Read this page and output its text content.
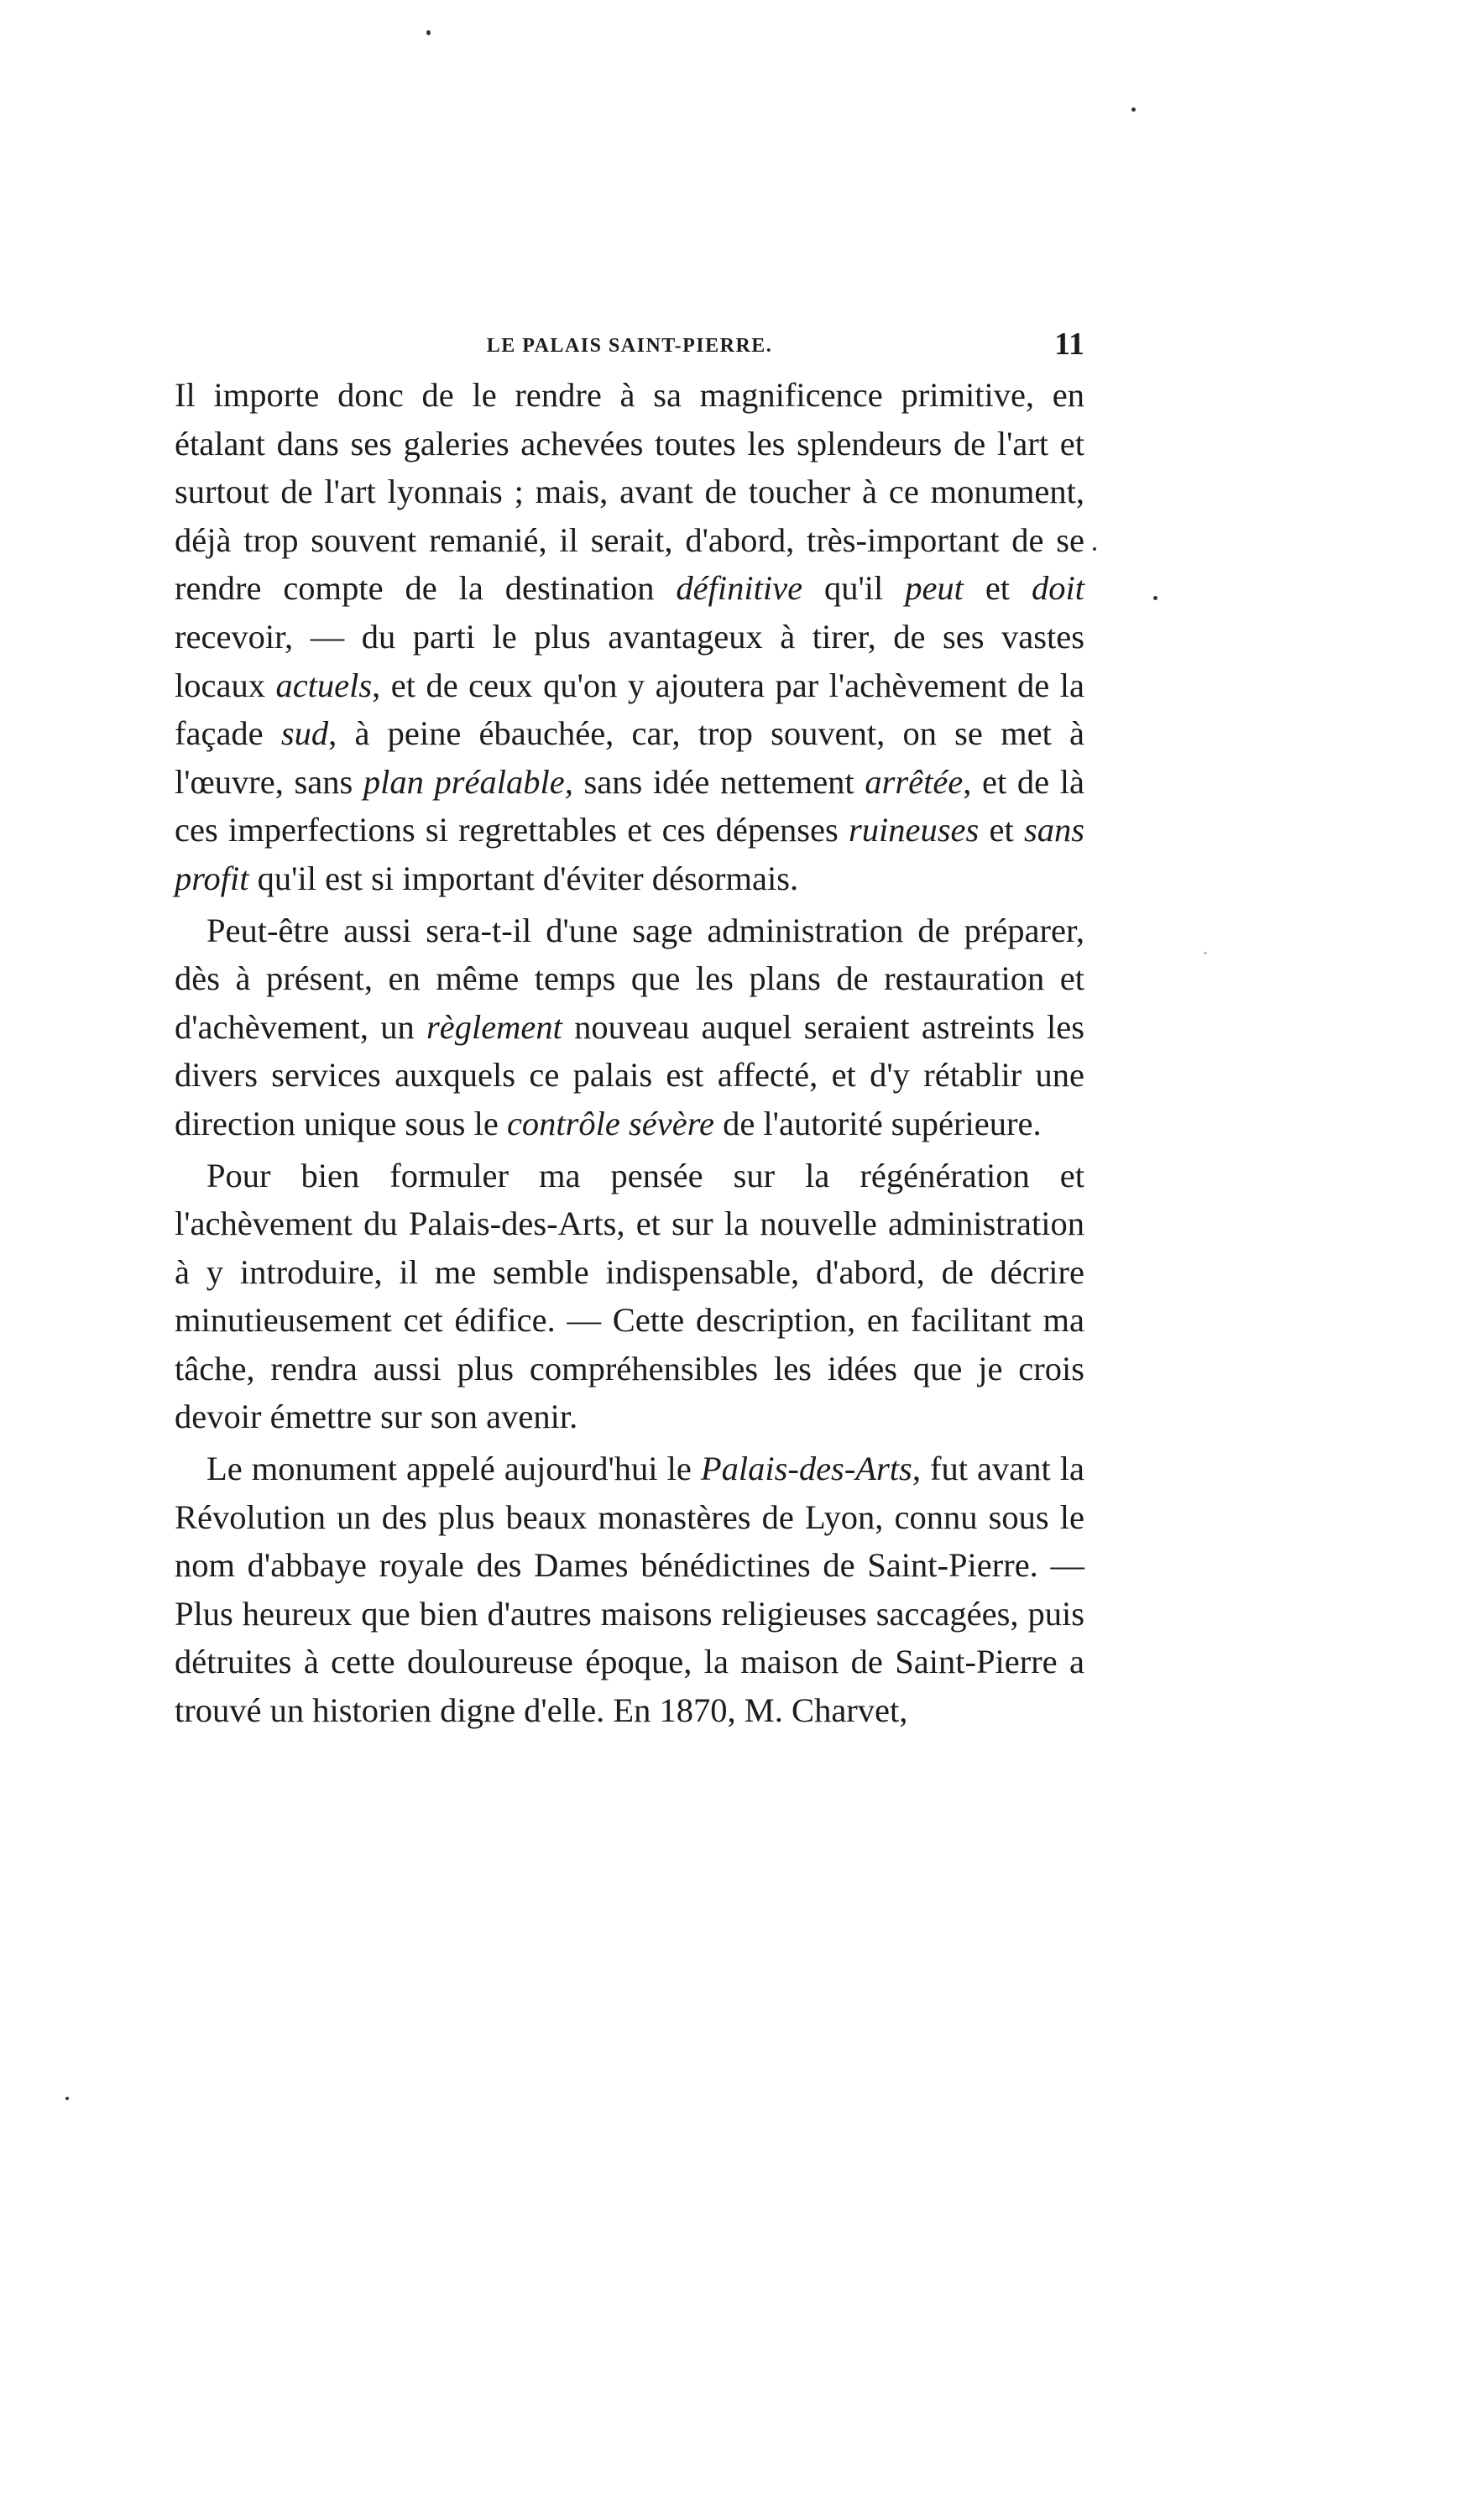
LE PALAIS SAINT-PIERRE.	11

Il importe donc de le rendre à sa magnificence primitive, en étalant dans ses galeries achevées toutes les splendeurs de l'art et surtout de l'art lyonnais ; mais, avant de toucher à ce monument, déjà trop souvent remanié, il serait, d'abord, très-important de se rendre compte de la destination définitive qu'il peut et doit recevoir, — du parti le plus avantageux à tirer, de ses vastes locaux actuels, et de ceux qu'on y ajoutera par l'achèvement de la façade sud, à peine ébauchée, car, trop souvent, on se met à l'œuvre, sans plan préalable, sans idée nettement arrêtée, et de là ces imperfections si regrettables et ces dépenses ruineuses et sans profit qu'il est si important d'éviter désormais.

Peut-être aussi sera-t-il d'une sage administration de préparer, dès à présent, en même temps que les plans de restauration et d'achèvement, un règlement nouveau auquel seraient astreints les divers services auxquels ce palais est affecté, et d'y rétablir une direction unique sous le contrôle sévère de l'autorité supérieure.

Pour bien formuler ma pensée sur la régénération et l'achèvement du Palais-des-Arts, et sur la nouvelle administration à y introduire, il me semble indispensable, d'abord, de décrire minutieusement cet édifice. — Cette description, en facilitant ma tâche, rendra aussi plus compréhensibles les idées que je crois devoir émettre sur son avenir.

Le monument appelé aujourd'hui le Palais-des-Arts, fut avant la Révolution un des plus beaux monastères de Lyon, connu sous le nom d'abbaye royale des Dames bénédictines de Saint-Pierre. — Plus heureux que bien d'autres maisons religieuses saccagées, puis détruites à cette douloureuse époque, la maison de Saint-Pierre a trouvé un historien digne d'elle. En 1870, M. Charvet,
